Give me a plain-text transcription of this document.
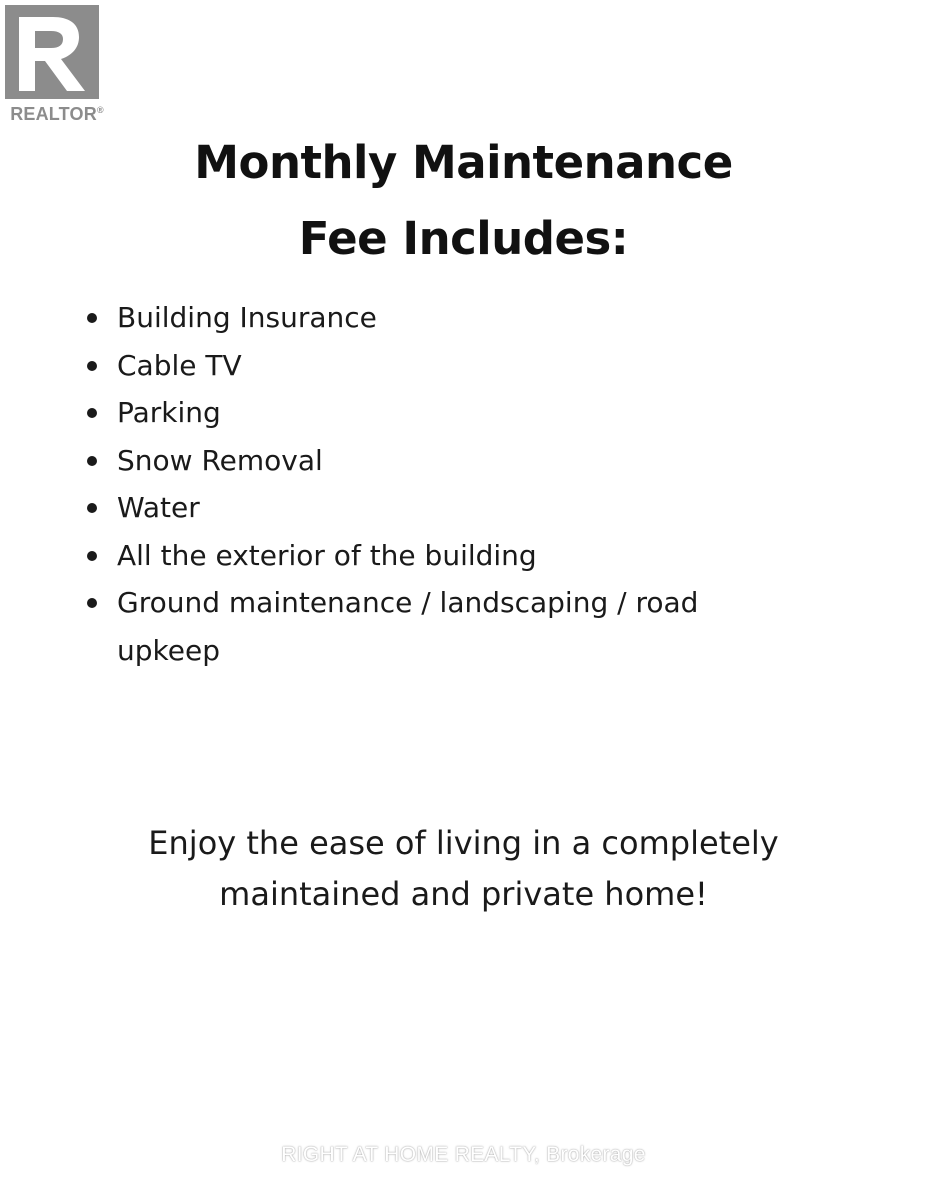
REALTOR®
Monthly Maintenance
Fee Includes:
Building Insurance
Cable TV
Parking
Snow Removal
Water
All the exterior of the building
Ground maintenance / landscaping / road upkeep
Enjoy the ease of living in a completely
maintained and private home!
RIGHT AT HOME REALTY, Brokerage
